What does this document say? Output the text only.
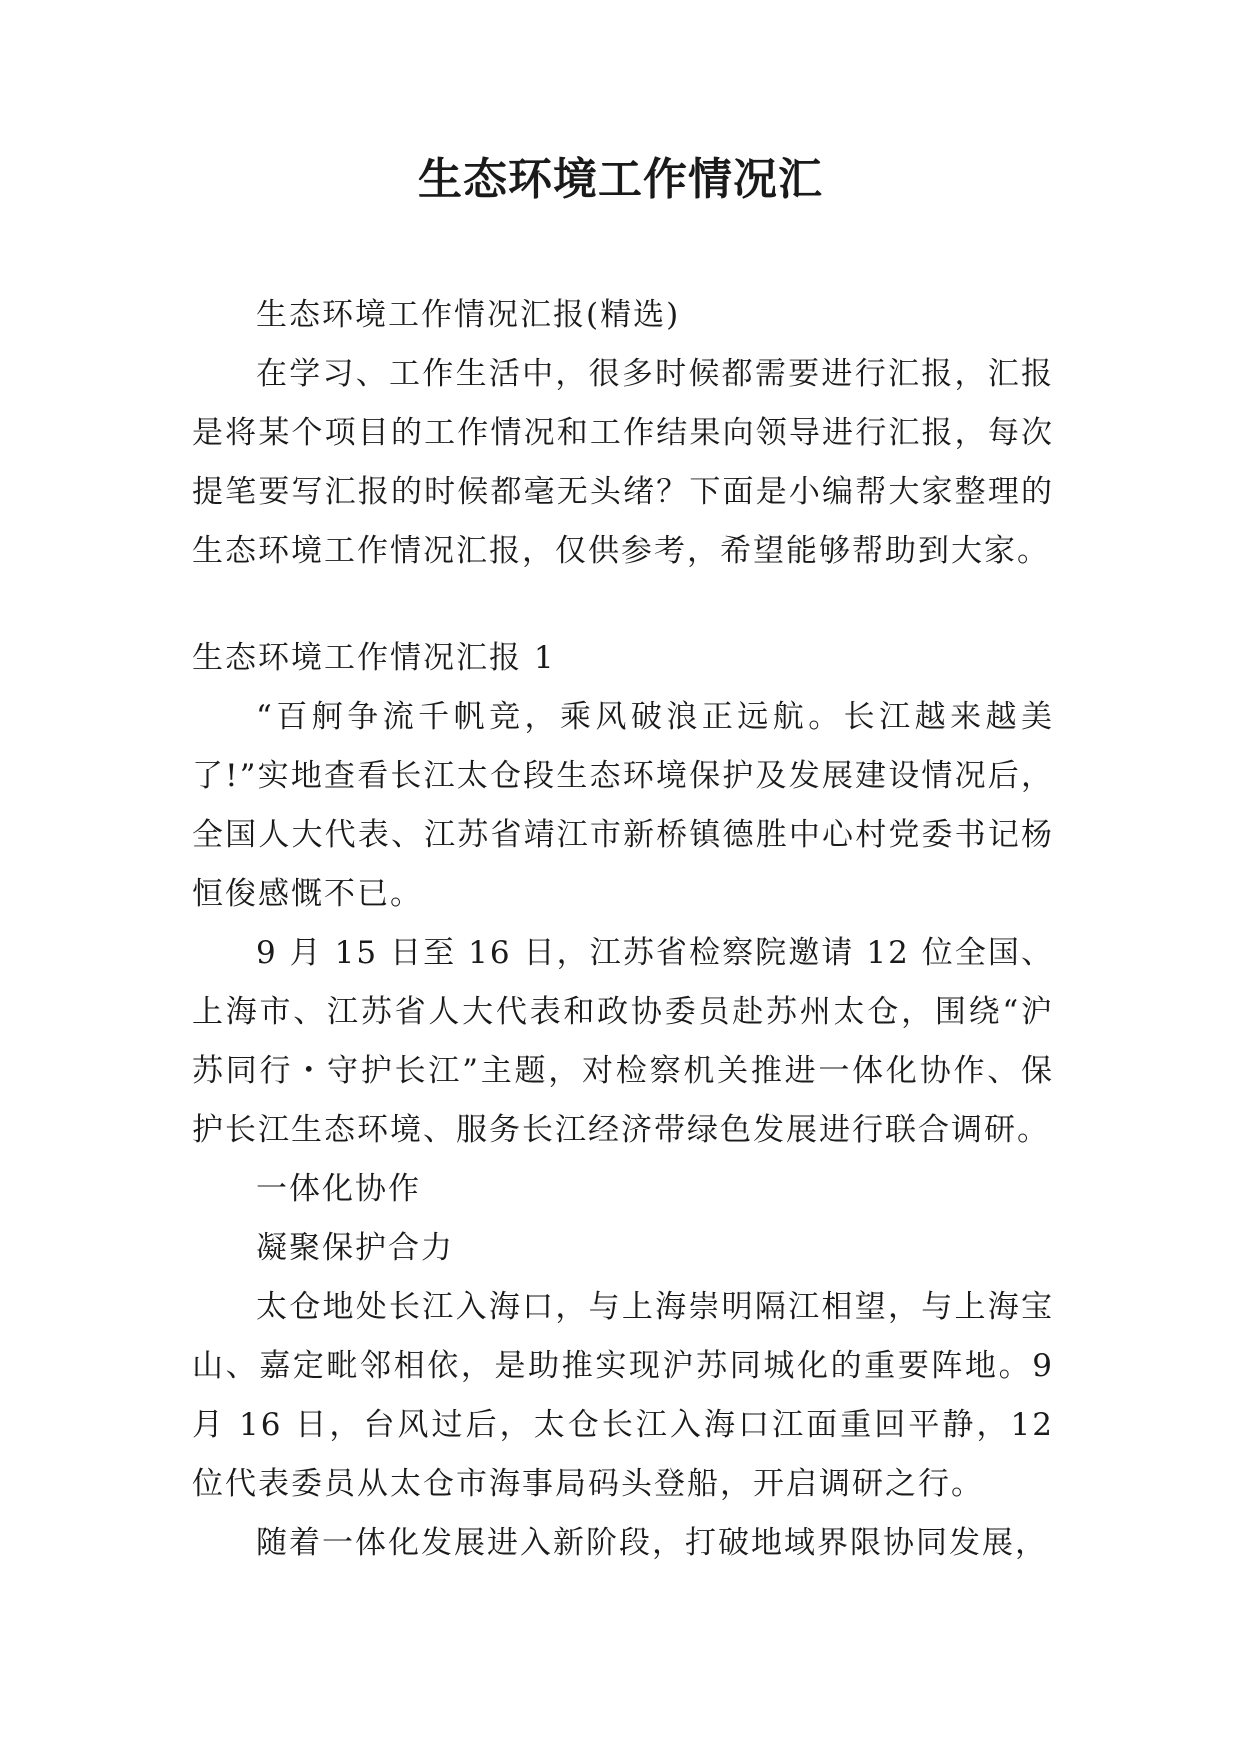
生态环境工作情况汇

生态环境工作情况汇报(精选)

在学习、工作生活中，很多时候都需要进行汇报，汇报是将某个项目的工作情况和工作结果向领导进行汇报，每次提笔要写汇报的时候都毫无头绪？下面是小编帮大家整理的生态环境工作情况汇报，仅供参考，希望能够帮助到大家。

生态环境工作情况汇报 1

“百舸争流千帆竞，乘风破浪正远航。长江越来越美了!”实地查看长江太仓段生态环境保护及发展建设情况后，全国人大代表、江苏省靖江市新桥镇德胜中心村党委书记杨恒俊感慨不已。

9 月 15 日至 16 日，江苏省检察院邀请 12 位全国、上海市、江苏省人大代表和政协委员赴苏州太仓，围绕“沪苏同行・守护长江”主题，对检察机关推进一体化协作、保护长江生态环境、服务长江经济带绿色发展进行联合调研。

一体化协作

凝聚保护合力

太仓地处长江入海口，与上海崇明隔江相望，与上海宝山、嘉定毗邻相依，是助推实现沪苏同城化的重要阵地。9 月 16 日，台风过后，太仓长江入海口江面重回平静，12 位代表委员从太仓市海事局码头登船，开启调研之行。

随着一体化发展进入新阶段，打破地域界限协同发展，
